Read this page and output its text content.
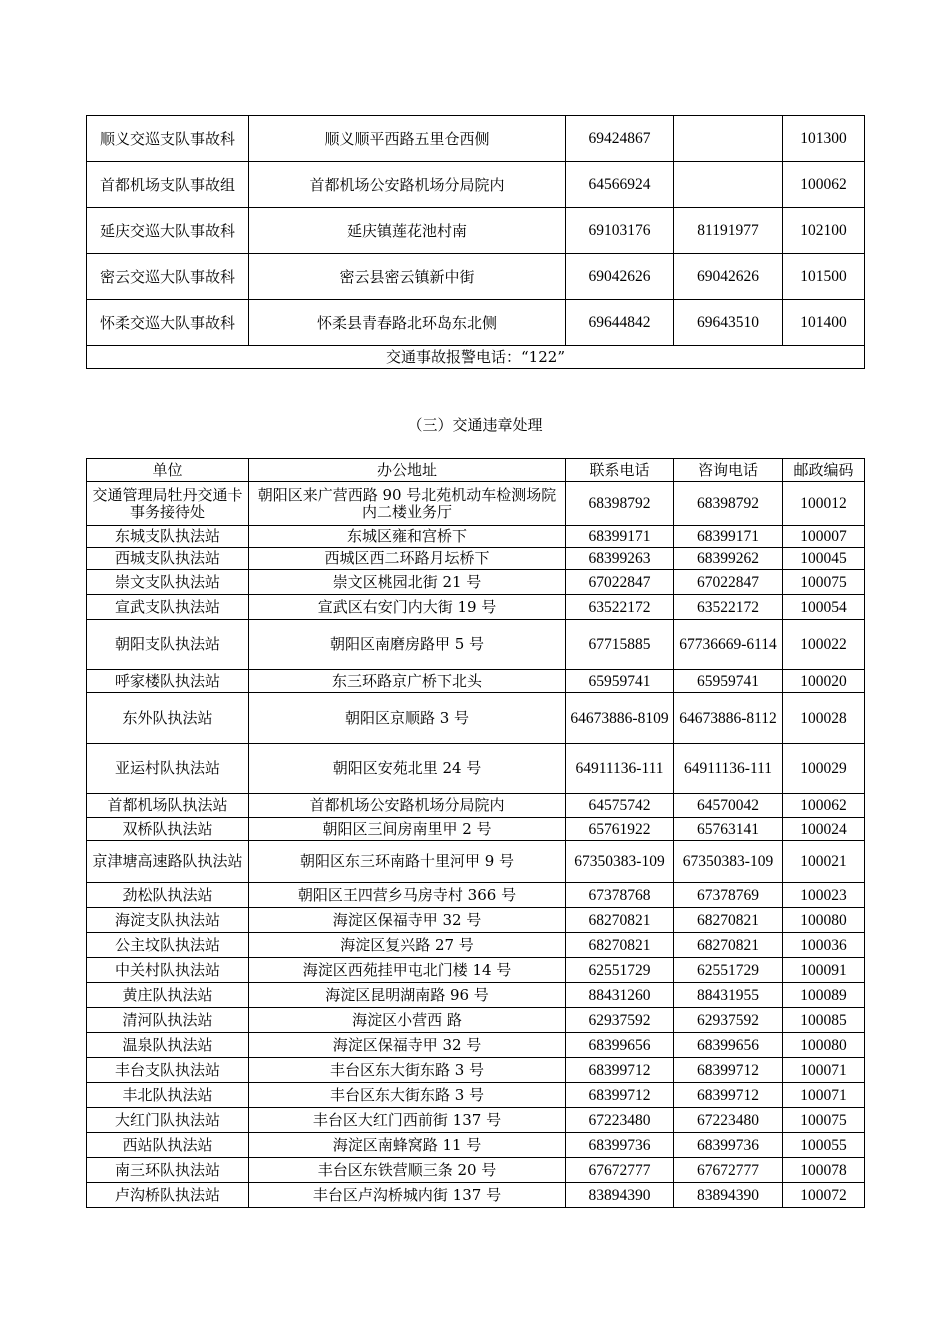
顺义交巡支队事故科	顺义顺平西路五里仓西侧	69424867		101300
首都机场支队事故组	首都机场公安路机场分局院内	64566924		100062
延庆交巡大队事故科	延庆镇莲花池村南	69103176	81191977	102100
密云交巡大队事故科	密云县密云镇新中街	69042626	69042626	101500
怀柔交巡大队事故科	怀柔县青春路北环岛东北侧	69644842	69643510	101400
交通事故报警电话：“122”				
（三）交通违章处理
单位	办公地址	联系电话	咨询电话	邮政编码
交通管理局牡丹交通卡事务接待处	朝阳区来广营西路 90 号北苑机动车检测场院内二楼业务厅	68398792	68398792	100012
东城支队执法站	东城区雍和宫桥下	68399171	68399171	100007
西城支队执法站	西城区西二环路月坛桥下	68399263	68399262	100045
崇文支队执法站	崇文区桃园北街 21 号	67022847	67022847	100075
宣武支队执法站	宣武区右安门内大街 19 号	63522172	63522172	100054
朝阳支队执法站	朝阳区南磨房路甲 5 号	67715885	67736669-6114	100022
呼家楼队执法站	东三环路京广桥下北头	65959741	65959741	100020
东外队执法站	朝阳区京顺路 3 号	64673886-8109	64673886-8112	100028
亚运村队执法站	朝阳区安苑北里 24 号	64911136-111	64911136-111	100029
首都机场队执法站	首都机场公安路机场分局院内	64575742	64570042	100062
双桥队执法站	朝阳区三间房南里甲 2 号	65761922	65763141	100024
京津塘高速路队执法站	朝阳区东三环南路十里河甲 9 号	67350383-109	67350383-109	100021
劲松队执法站	朝阳区王四营乡马房寺村 366 号	67378768	67378769	100023
海淀支队执法站	海淀区保福寺甲 32 号	68270821	68270821	100080
公主坟队执法站	海淀区复兴路 27 号	68270821	68270821	100036
中关村队执法站	海淀区西苑挂甲屯北门楼 14 号	62551729	62551729	100091
黄庄队执法站	海淀区昆明湖南路 96 号	88431260	88431955	100089
清河队执法站	海淀区小营西 路	62937592	62937592	100085
温泉队执法站	海淀区保福寺甲 32 号	68399656	68399656	100080
丰台支队执法站	丰台区东大街东路 3 号	68399712	68399712	100071
丰北队执法站	丰台区东大街东路 3 号	68399712	68399712	100071
大红门队执法站	丰台区大红门西前街 137 号	67223480	67223480	100075
西站队执法站	海淀区南蜂窝路 11 号	68399736	68399736	100055
南三环队执法站	丰台区东铁营顺三条 20 号	67672777	67672777	100078
卢沟桥队执法站	丰台区卢沟桥城内街 137 号	83894390	83894390	100072
